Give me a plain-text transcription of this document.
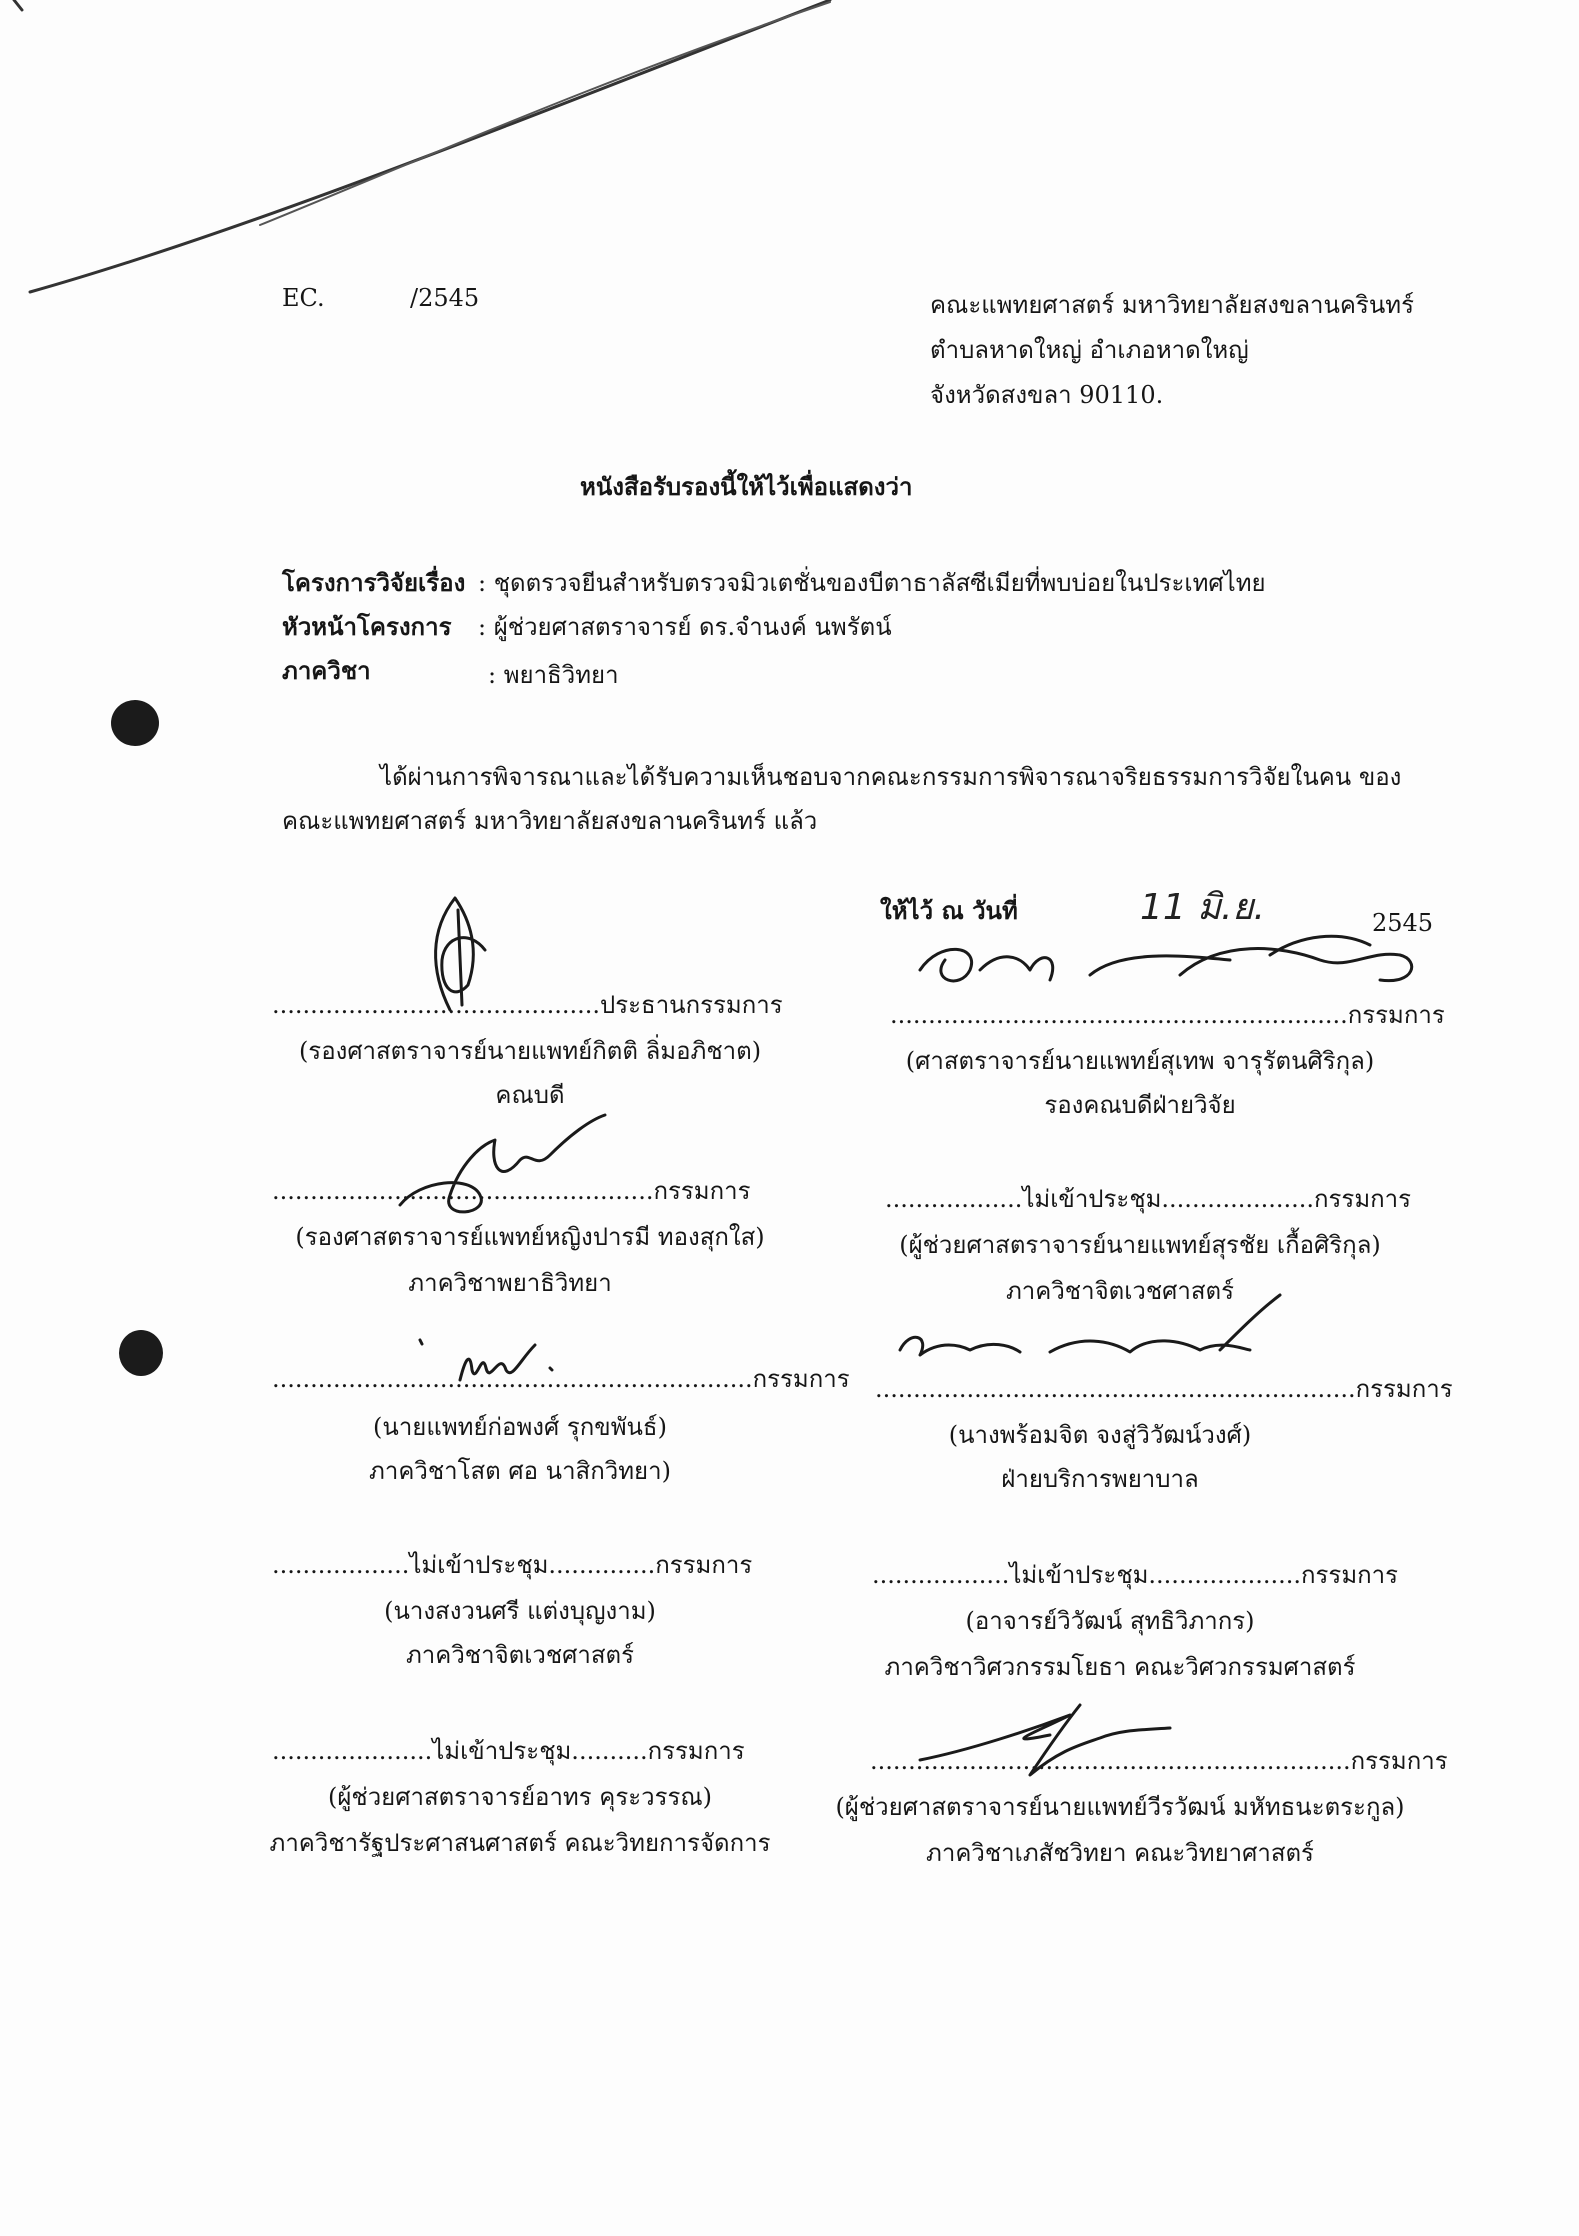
EC.	/2545	คณะแพทยศาสตร์ มหาวิทยาลัยสงขลานครินทร์
ตำบลหาดใหญ่ อำเภอหาดใหญ่
จังหวัดสงขลา 90110.
หนังสือรับรองนี้ให้ไว้เพื่อแสดงว่า
โครงการวิจัยเรื่อง : ชุดตรวจยีนสำหรับตรวจมิวเตชั่นของบีตาธาลัสซีเมียที่พบบ่อยในประเทศไทย
หัวหน้าโครงการ : ผู้ช่วยศาสตราจารย์ ดร.จำนงค์ นพรัตน์
ภาควิชา	: พยาธิวิทยา
ได้ผ่านการพิจารณาและได้รับความเห็นชอบจากคณะกรรมการพิจารณาจริยธรรมการวิจัยในคน ของ
คณะแพทยศาสตร์ มหาวิทยาลัยสงขลานครินทร์ แล้ว
ให้ไว้ ณ วันที่	11 มิ.ย.	2545
...........................................ประธานกรรมการ
(รองศาสตราจารย์นายแพทย์กิตติ ลิ่มอภิชาต)
คณบดี
..................................................กรรมการ
(รองศาสตราจารย์แพทย์หญิงปารมี ทองสุกใส)
ภาควิชาพยาธิวิทยา
...............................................................กรรมการ
(นายแพทย์ก่อพงศ์ รุกขพันธ์)
ภาควิชาโสต ศอ นาสิกวิทยา)
..................ไม่เข้าประชุม..............กรรมการ
(นางสงวนศรี แต่งบุญงาม)
ภาควิชาจิตเวชศาสตร์
.....................ไม่เข้าประชุม..........กรรมการ
(ผู้ช่วยศาสตราจารย์อาทร คุระวรรณ)
ภาควิชารัฐประศาสนศาสตร์ คณะวิทยการจัดการ
............................................................กรรมการ
(ศาสตราจารย์นายแพทย์สุเทพ จารุรัตนศิริกุล)
รองคณบดีฝ่ายวิจัย
..................ไม่เข้าประชุม....................กรรมการ
(ผู้ช่วยศาสตราจารย์นายแพทย์สุรชัย เกื้อศิริกุล)
ภาควิชาจิตเวชศาสตร์
...............................................................กรรมการ
(นางพร้อมจิต จงสู่วิวัฒน์วงศ์)
ฝ่ายบริการพยาบาล
..................ไม่เข้าประชุม....................กรรมการ
(อาจารย์วิวัฒน์ สุทธิวิภากร)
ภาควิชาวิศวกรรมโยธา คณะวิศวกรรมศาสตร์
...............................................................กรรมการ
(ผู้ช่วยศาสตราจารย์นายแพทย์วีรวัฒน์ มหัทธนะตระกูล)
ภาควิชาเภสัชวิทยา คณะวิทยาศาสตร์
